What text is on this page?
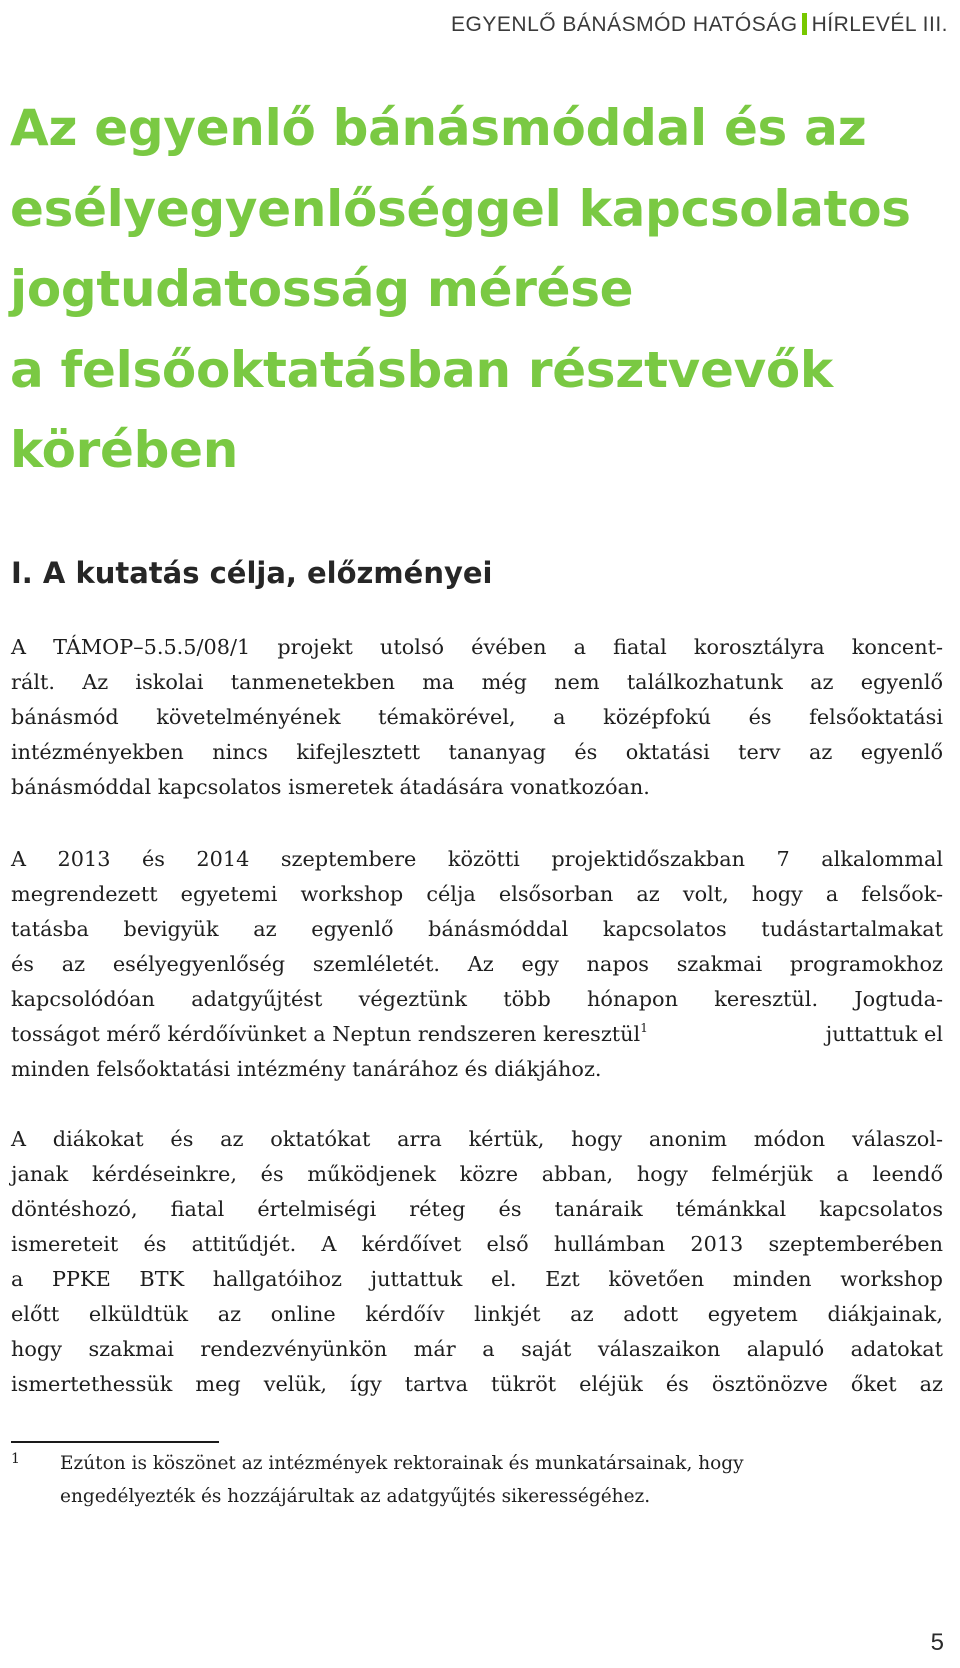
EGYENLŐ BÁNÁSMÓD HATÓSÁG HÍRLEVÉL III.
Az egyenlő bánásmóddal és az
esélyegyenlőséggel kapcsolatos
jogtudatosság mérése
a felsőoktatásban résztvevők
körében
I. A kutatás célja, előzményei
A TÁMOP–5.5.5/08/1 projekt utolsó évében a fiatal korosztályra koncent-
rált. Az iskolai tanmenetekben ma még nem találkozhatunk az egyenlő
bánásmód követelményének témakörével, a középfokú és felsőoktatási
intézményekben nincs kifejlesztett tananyag és oktatási terv az egyenlő
bánásmóddal kapcsolatos ismeretek átadására vonatkozóan.
A 2013 és 2014 szeptembere közötti projektidőszakban 7 alkalommal
megrendezett egyetemi workshop célja elsősorban az volt, hogy a felsőok-
tatásba bevigyük az egyenlő bánásmóddal kapcsolatos tudástartalmakat
és az esélyegyenlőség szemléletét. Az egy napos szakmai programokhoz
kapcsolódóan adatgyűjtést végeztünk több hónapon keresztül. Jogtuda-
tosságot mérő kérdőívünket a Neptun rendszeren keresztül$^1$	juttattuk el
minden felsőoktatási intézmény tanárához és diákjához.
A diákokat és az oktatókat arra kértük, hogy anonim módon válaszol-
janak kérdéseinkre, és működjenek közre abban, hogy felmérjük a leendő
döntéshozó, fiatal értelmiségi réteg és tanáraik témánkkal kapcsolatos
ismereteit és attitűdjét. A kérdőívet első hullámban 2013 szeptemberében
a PPKE BTK hallgatóihoz juttattuk el. Ezt követően minden workshop
előtt elküldtük az online kérdőív linkjét az adott egyetem diákjainak,
hogy szakmai rendezvényünkön már a saját válaszaikon alapuló adatokat
ismertethessük meg velük, így tartva tükröt eléjük és ösztönözve őket az
1 Ezúton is köszönet az intézmények rektorainak és munkatársainak, hogy
engedélyezték és hozzájárultak az adatgyűjtés sikerességéhez.
5
